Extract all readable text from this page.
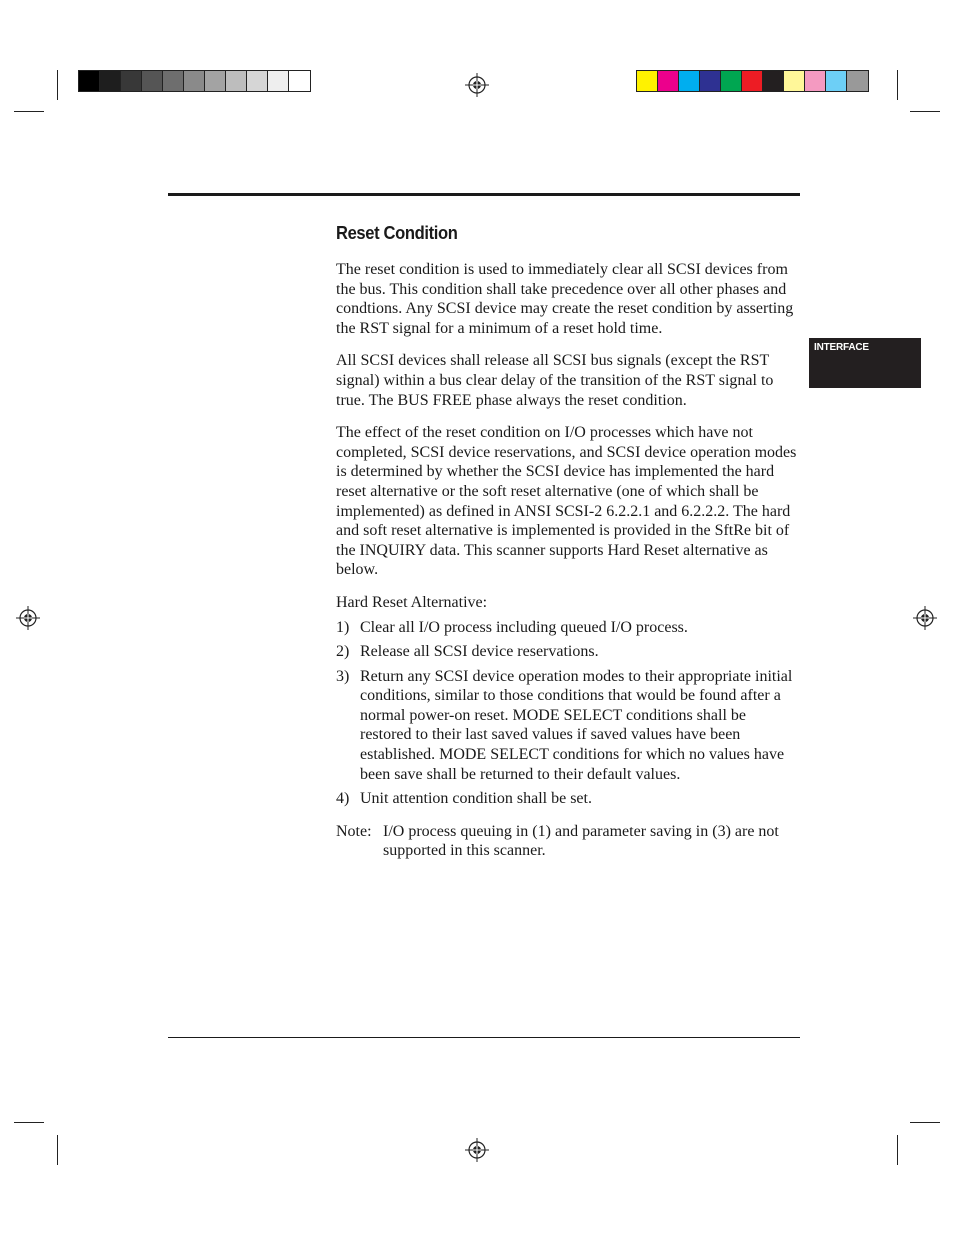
INTERFACE
Reset Condition

The reset condition is used to immediately clear all SCSI devices from the bus. This condition shall take precedence over all other phases and condtions. Any SCSI device may create the reset condition by asserting the RST signal for a minimum of a reset hold time.

All SCSI devices shall release all SCSI bus signals (except the RST signal) within a bus clear delay of the transition of the RST signal to true. The BUS FREE phase always the reset condition.

The effect of the reset condition on I/O processes which have not completed, SCSI device reservations, and SCSI device operation modes is determined by whether the SCSI device has implemented the hard reset alternative or the soft reset alternative (one of which shall be implemented) as defined in ANSI SCSI-2 6.2.2.1 and 6.2.2.2. The hard and soft reset alternative is implemented is provided in the SftRe bit of the INQUIRY data. This scanner supports Hard Reset alternative as below.

Hard Reset Alternative:

1) Clear all I/O process including queued I/O process.
2) Release all SCSI device reservations.
3) Return any SCSI device operation modes to their appropriate initial conditions, similar to those conditions that would be found after a normal power-on reset. MODE SELECT conditions shall be restored to their last saved values if saved values have been established. MODE SELECT conditions for which no values have been save shall be returned to their default values.
4) Unit attention condition shall be set.
Note: I/O process queuing in (1) and parameter saving in (3) are not supported in this scanner.
